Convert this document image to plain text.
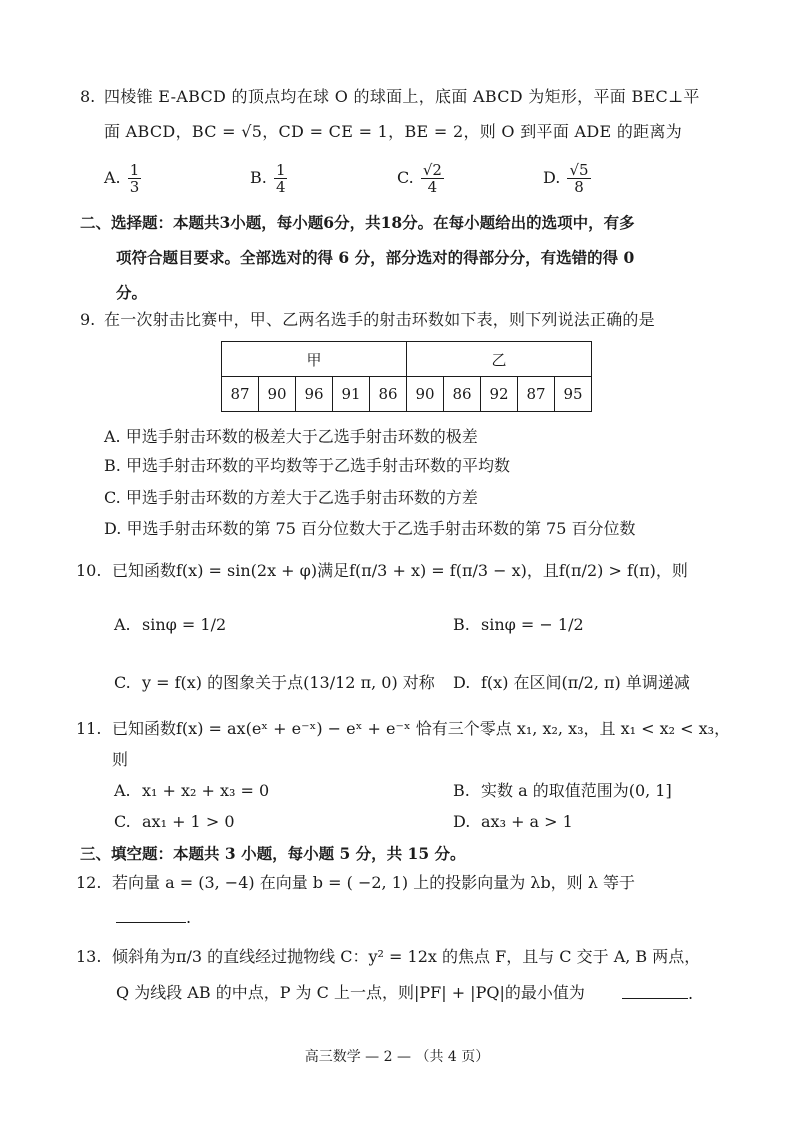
8. 四棱锥 E-ABCD 的顶点均在球 O 的球面上，底面 ABCD 为矩形，平面 BEC⊥平
面 ABCD，BC = √5，CD = CE = 1，BE = 2，则 O 到平面 ADE 的距离为
A. $\frac{1}{3}$	B. $\frac{1}{4}$	C. $\frac{√2}{4}$	D. $\frac{√5}{8}$
二、选择题：本题共3小题，每小题6分，共18分。在每小题给出的选项中，有多
项符合题目要求。全部选对的得 6 分，部分选对的得部分分，有选错的得 0
分。
9. 在一次射击比赛中，甲、乙两名选手的射击环数如下表，则下列说法正确的是
甲					乙				
87	90	96	91	86	90	86	92	87	95
A. 甲选手射击环数的极差大于乙选手射击环数的极差
B. 甲选手射击环数的平均数等于乙选手射击环数的平均数
C. 甲选手射击环数的方差大于乙选手射击环数的方差
D. 甲选手射击环数的第 75 百分位数大于乙选手射击环数的第 75 百分位数
10. 已知函数f(x) = sin(2x + φ)满足f(π/3 + x) = f(π/3 − x)，且f(π/2) > f(π)，则
A. sinφ = 1/2	B. sinφ = − 1/2
C. y = f(x) 的图象关于点(13/12 π, 0) 对称 D. f(x) 在区间(π/2, π) 单调递减
11. 已知函数f(x) = ax(eˣ + e⁻ˣ) − eˣ + e⁻ˣ 恰有三个零点 x₁, x₂, x₃，且 x₁ < x₂ < x₃，
则
A. x₁ + x₂ + x₃ = 0	B. 实数 a 的取值范围为(0, 1]
C. ax₁ + 1 > 0	D. ax₃ + a > 1
三、填空题：本题共 3 小题，每小题 5 分，共 15 分。
12. 若向量 a = (3, −4) 在向量 b = ( −2, 1) 上的投影向量为 λb，则 λ 等于
.
13. 倾斜角为π/3 的直线经过抛物线 C：y² = 12x 的焦点 F，且与 C 交于 A, B 两点，
Q 为线段 AB 的中点，P 为 C 上一点，则|PF| + |PQ|的最小值为	.
高三数学 — 2 — （共 4 页）
